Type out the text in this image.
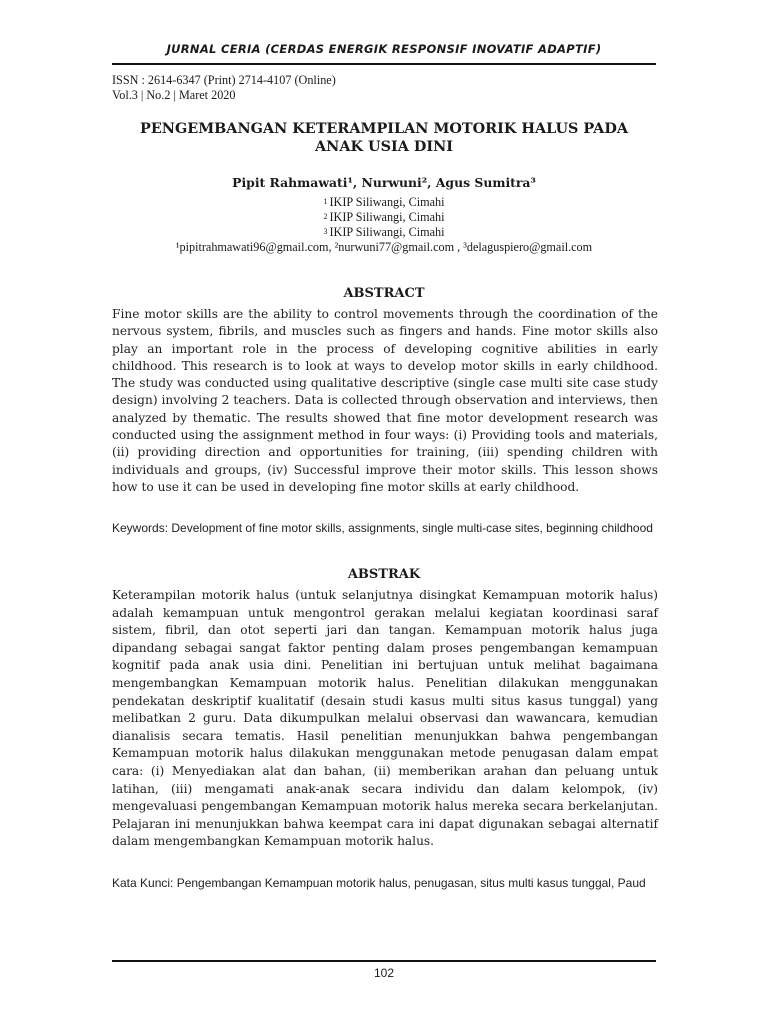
JURNAL CERIA (CERDAS ENERGIK RESPONSIF INOVATIF ADAPTIF)
ISSN : 2614-6347 (Print) 2714-4107 (Online)
Vol.3 | No.2 | Maret 2020
PENGEMBANGAN KETERAMPILAN MOTORIK HALUS PADA
ANAK USIA DINI
Pipit Rahmawati¹, Nurwuni², Agus Sumitra³
$^1$ IKIP Siliwangi, Cimahi
$^2$ IKIP Siliwangi, Cimahi
$^3$ IKIP Siliwangi, Cimahi
¹pipitrahmawati96@gmail.com, ²nurwuni77@gmail.com , ³delaguspiero@gmail.com
ABSTRACT
Fine motor skills are the ability to control movements through the coordination of the nervous system, fibrils, and muscles such as fingers and hands. Fine motor skills also play an important role in the process of developing cognitive abilities in early childhood. This research is to look at ways to develop motor skills in early childhood. The study was conducted using qualitative descriptive (single case multi site case study design) involving 2 teachers. Data is collected through observation and interviews, then analyzed by thematic. The results showed that fine motor development research was conducted using the assignment method in four ways: (i) Providing tools and materials, (ii) providing direction and opportunities for training, (iii) spending children with individuals and groups, (iv) Successful improve their motor skills. This lesson shows how to use it can be used in developing fine motor skills at early childhood.
Keywords: Development of fine motor skills, assignments, single multi-case sites, beginning childhood
ABSTRAK
Keterampilan motorik halus (untuk selanjutnya disingkat Kemampuan motorik halus) adalah kemampuan untuk mengontrol gerakan melalui kegiatan koordinasi saraf sistem, fibril, dan otot seperti jari dan tangan. Kemampuan motorik halus juga dipandang sebagai sangat faktor penting dalam proses pengembangan kemampuan kognitif pada anak usia dini. Penelitian ini bertujuan untuk melihat bagaimana mengembangkan Kemampuan motorik halus. Penelitian dilakukan menggunakan pendekatan deskriptif kualitatif (desain studi kasus multi situs kasus tunggal) yang melibatkan 2 guru. Data dikumpulkan melalui observasi dan wawancara, kemudian dianalisis secara tematis. Hasil penelitian menunjukkan bahwa pengembangan Kemampuan motorik halus dilakukan menggunakan metode penugasan dalam empat cara: (i) Menyediakan alat dan bahan, (ii) memberikan arahan dan peluang untuk latihan, (iii) mengamati anak-anak secara individu dan dalam kelompok, (iv) mengevaluasi pengembangan Kemampuan motorik halus mereka secara berkelanjutan. Pelajaran ini menunjukkan bahwa keempat cara ini dapat digunakan sebagai alternatif dalam mengembangkan Kemampuan motorik halus.
Kata Kunci: Pengembangan Kemampuan motorik halus, penugasan, situs multi kasus tunggal, Paud
102
